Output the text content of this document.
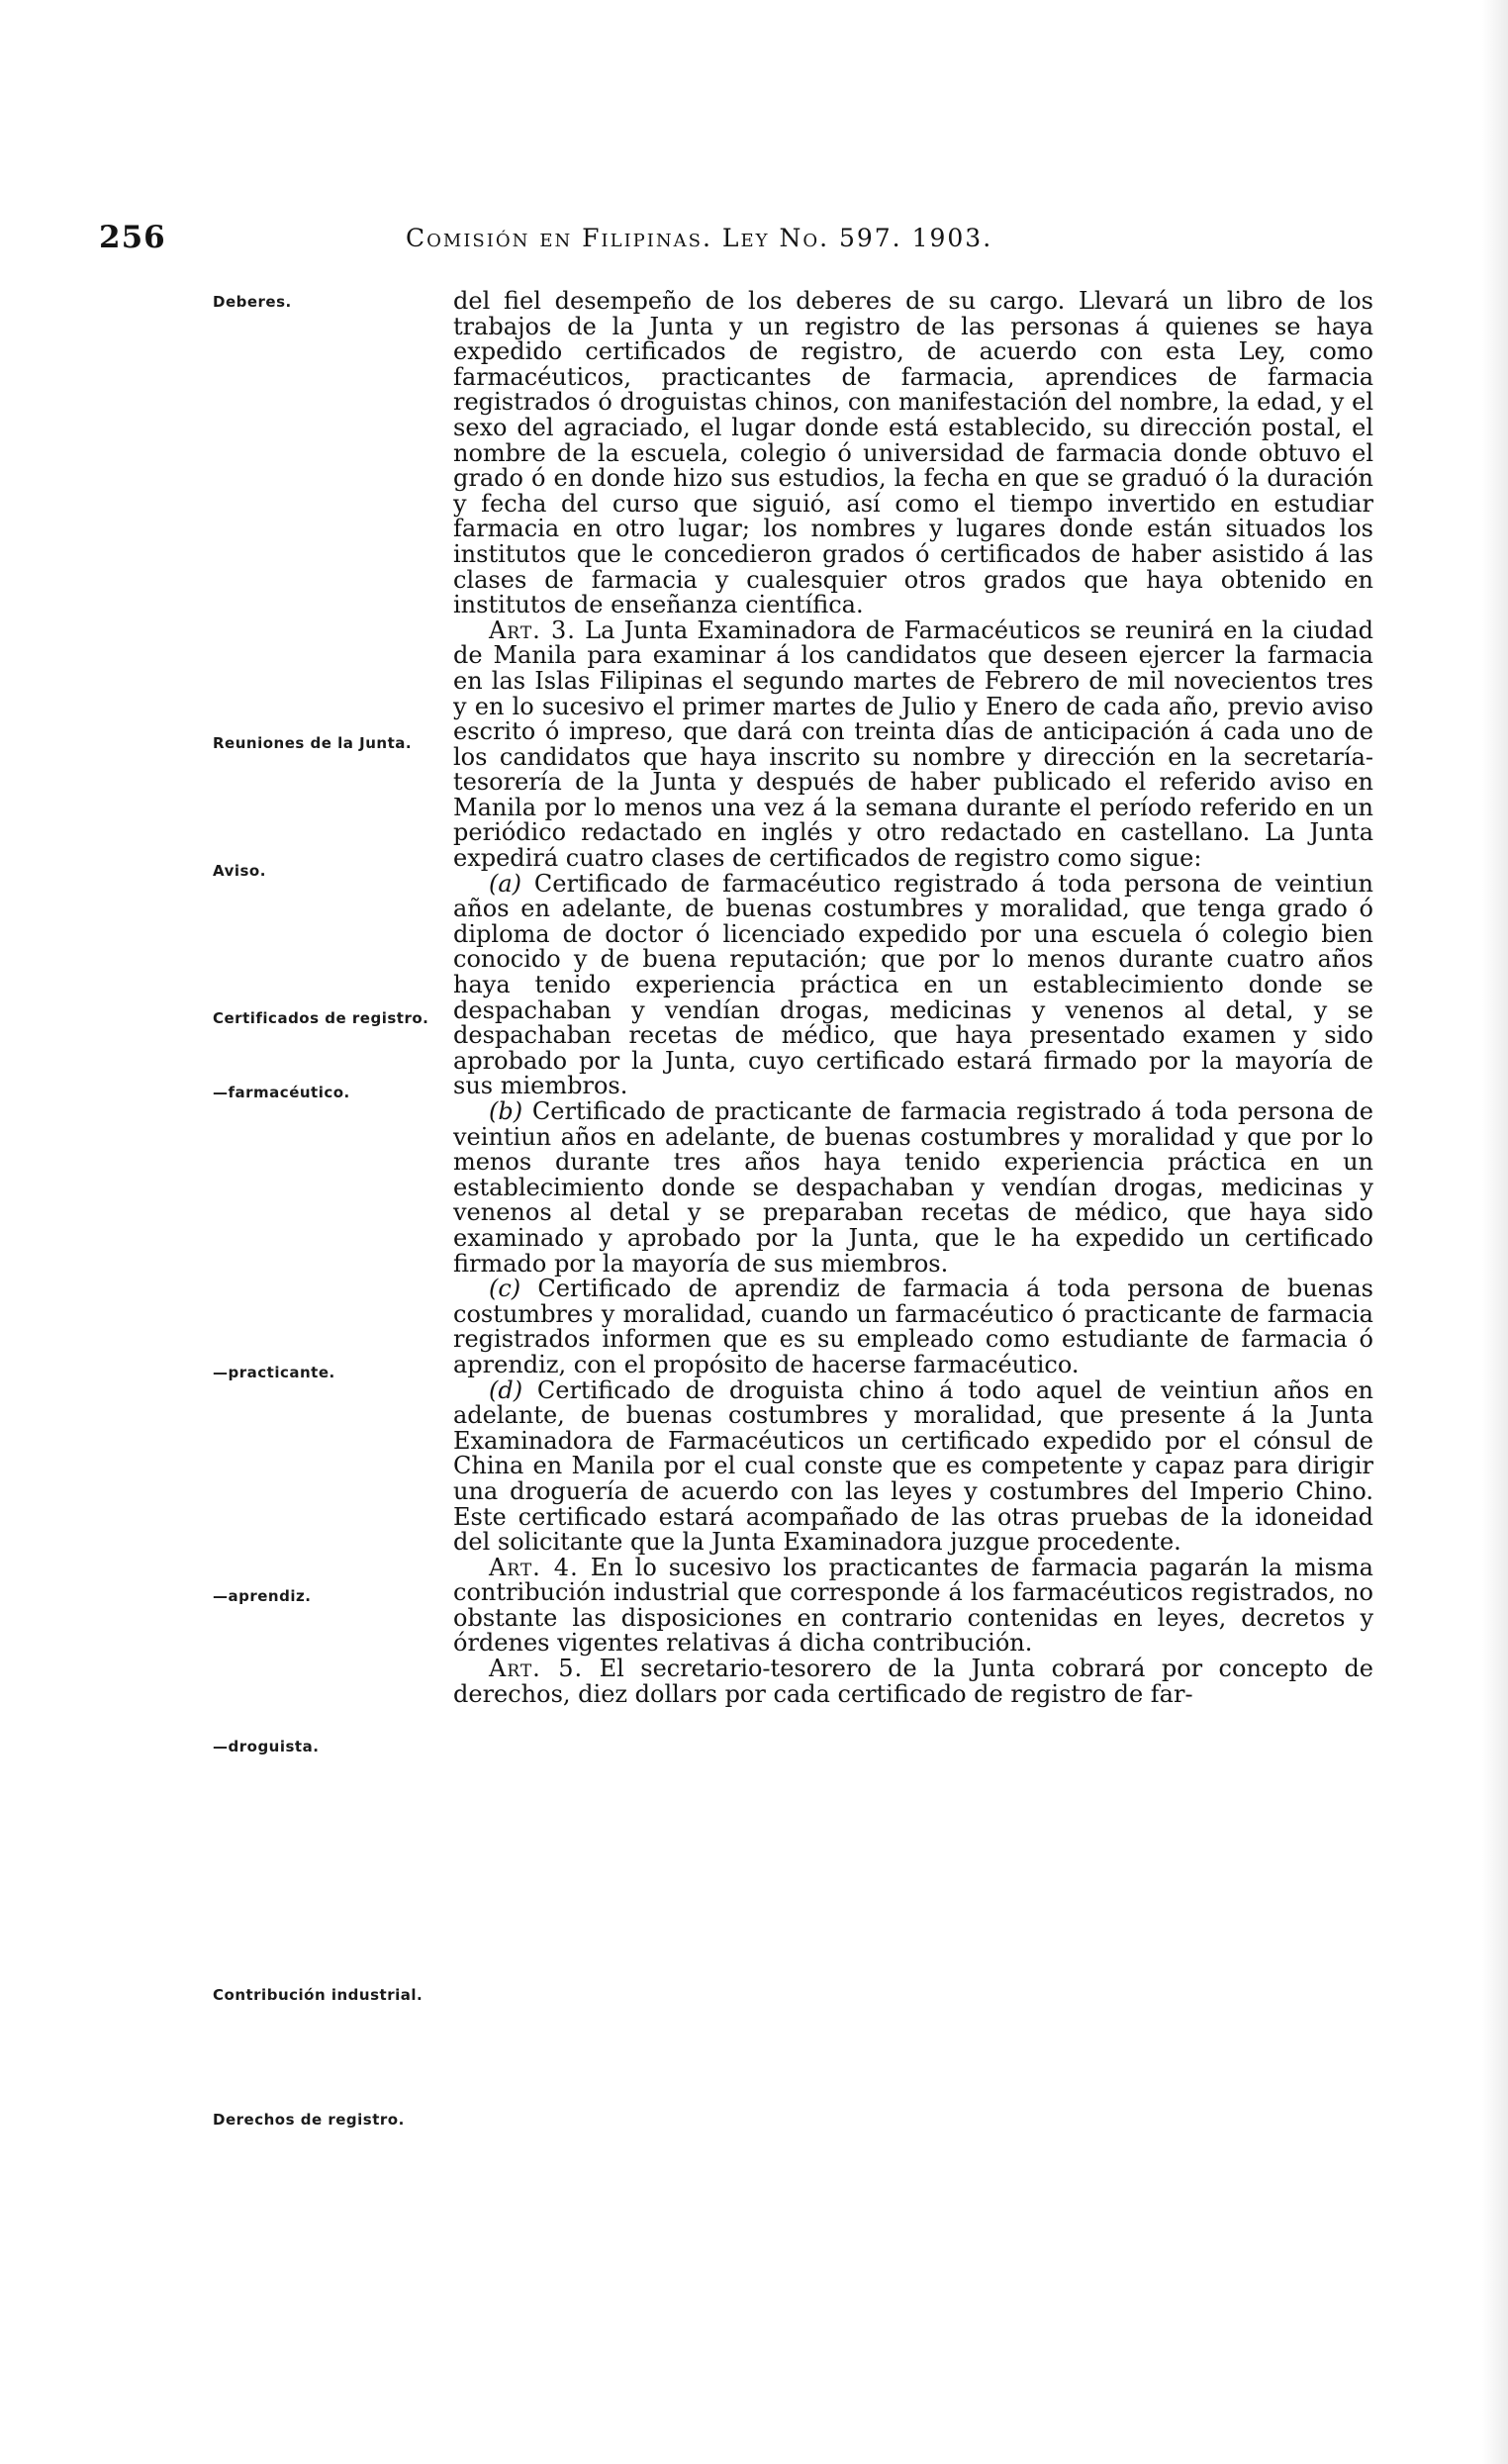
256	Comisión en Filipinas. Ley No. 597. 1903.
Deberes.
Reuniones de la Junta.
Aviso.
Certificados de registro.
—farmacéutico.
—practicante.
—aprendiz.
—droguista.
Contribución industrial.
Derechos de registro.

del fiel desempeño de los deberes de su cargo. Llevará un libro de los trabajos de la Junta y un registro de las personas á quienes se haya expedido certificados de registro, de acuerdo con esta Ley, como farmacéuticos, practicantes de farmacia, aprendices de farmacia registrados ó droguistas chinos, con manifestación del nombre, la edad, y el sexo del agraciado, el lugar donde está establecido, su dirección postal, el nombre de la escuela, colegio ó universidad de farmacia donde obtuvo el grado ó en donde hizo sus estudios, la fecha en que se graduó ó la duración y fecha del curso que siguió, así como el tiempo invertido en estudiar farmacia en otro lugar; los nombres y lugares donde están situados los institutos que le concedieron grados ó certificados de haber asistido á las clases de farmacia y cualesquier otros grados que haya obtenido en institutos de enseñanza científica.

Art. 3. La Junta Examinadora de Farmacéuticos se reunirá en la ciudad de Manila para examinar á los candidatos que deseen ejercer la farmacia en las Islas Filipinas el segundo martes de Febrero de mil novecientos tres y en lo sucesivo el primer martes de Julio y Enero de cada año, previo aviso escrito ó impreso, que dará con treinta días de anticipación á cada uno de los candidatos que haya inscrito su nombre y dirección en la secretaría-tesorería de la Junta y después de haber publicado el referido aviso en Manila por lo menos una vez á la semana durante el período referido en un periódico redactado en inglés y otro redactado en castellano. La Junta expedirá cuatro clases de certificados de registro como sigue:

(a) Certificado de farmacéutico registrado á toda persona de veintiun años en adelante, de buenas costumbres y moralidad, que tenga grado ó diploma de doctor ó licenciado expedido por una escuela ó colegio bien conocido y de buena reputación; que por lo menos durante cuatro años haya tenido experiencia práctica en un establecimiento donde se despachaban y vendían drogas, medicinas y venenos al detal, y se despachaban recetas de médico, que haya presentado examen y sido aprobado por la Junta, cuyo certificado estará firmado por la mayoría de sus miembros.

(b) Certificado de practicante de farmacia registrado á toda persona de veintiun años en adelante, de buenas costumbres y moralidad y que por lo menos durante tres años haya tenido experiencia práctica en un establecimiento donde se despachaban y vendían drogas, medicinas y venenos al detal y se preparaban recetas de médico, que haya sido examinado y aprobado por la Junta, que le ha expedido un certificado firmado por la mayoría de sus miembros.

(c) Certificado de aprendiz de farmacia á toda persona de buenas costumbres y moralidad, cuando un farmacéutico ó practicante de farmacia registrados informen que es su empleado como estudiante de farmacia ó aprendiz, con el propósito de hacerse farmacéutico.

(d) Certificado de droguista chino á todo aquel de veintiun años en adelante, de buenas costumbres y moralidad, que presente á la Junta Examinadora de Farmacéuticos un certificado expedido por el cónsul de China en Manila por el cual conste que es competente y capaz para dirigir una droguería de acuerdo con las leyes y costumbres del Imperio Chino. Este certificado estará acompañado de las otras pruebas de la idoneidad del solicitante que la Junta Examinadora juzgue procedente.

Art. 4. En lo sucesivo los practicantes de farmacia pagarán la misma contribución industrial que corresponde á los farmacéuticos registrados, no obstante las disposiciones en contrario contenidas en leyes, decretos y órdenes vigentes relativas á dicha contribución.

Art. 5. El secretario-tesorero de la Junta cobrará por concepto de derechos, diez dollars por cada certificado de registro de far-
